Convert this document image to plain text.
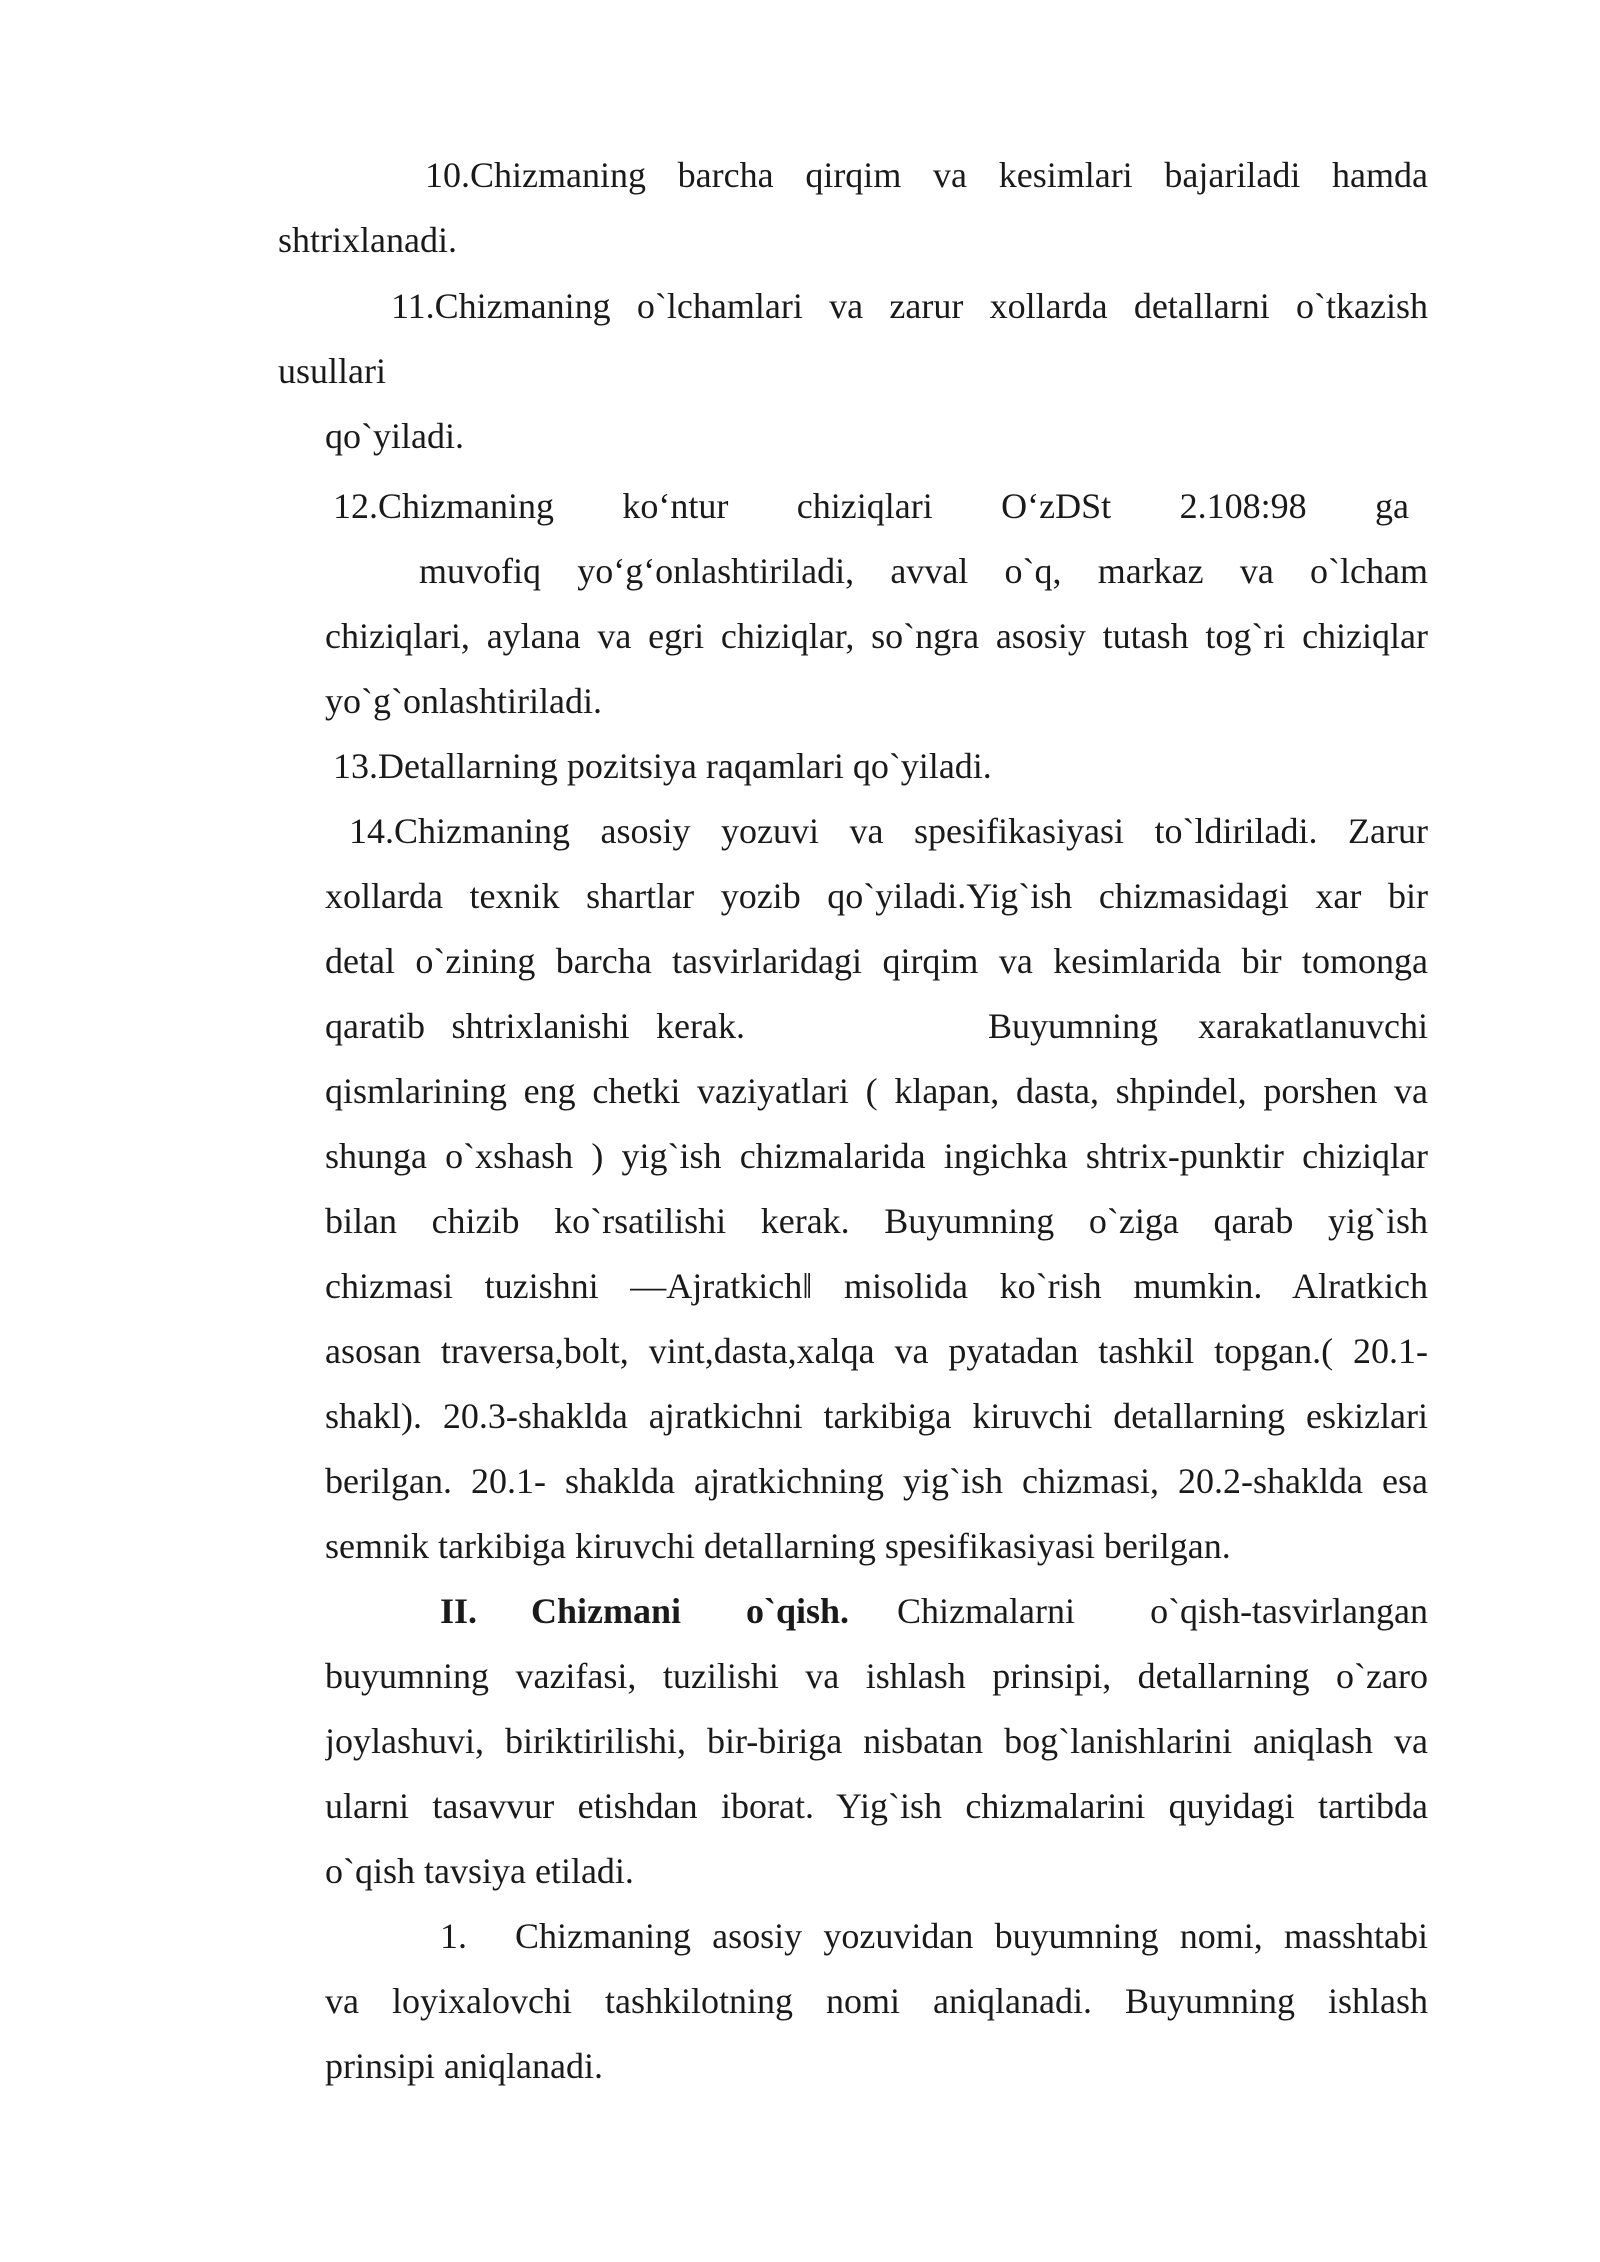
10.Chizmaning barcha qirqim va kesimlari bajariladi hamda
shtrixlanadi.
11.Chizmaning o`lchamlari va zarur xollarda detallarni o`tkazish
usullari
qo`yiladi.
12.Chizmaning ko‘ntur chiziqlari O‘zDSt 2.108:98 ga
muvofiq yo‘g‘onlashtiriladi, avval o`q, markaz va o`lcham
chiziqlari, aylana va egri chiziqlar, so`ngra asosiy tutash tog`ri chiziqlar
yo`g`onlashtiriladi.
13.Detallarning pozitsiya raqamlari qo`yiladi.
14.Chizmaning asosiy yozuvi va spesifikasiyasi to`ldiriladi. Zarur
xollarda texnik shartlar yozib qo`yiladi.Yig`ish chizmasidagi xar bir
detal o`zining barcha tasvirlaridagi qirqim va kesimlarida bir tomonga
qaratib shtrixlanishi kerak.	Buyumning xarakatlanuvchi
qismlarining eng chetki vaziyatlari ( klapan, dasta, shpindel, porshen va
shunga o`xshash ) yig`ish chizmalarida ingichka shtrix-punktir chiziqlar
bilan chizib ko`rsatilishi kerak. Buyumning o`ziga qarab yig`ish
chizmasi tuzishni ―Ajratkich‖ misolida ko`rish mumkin. Alratkich
asosan traversa,bolt, vint,dasta,xalqa va pyatadan tashkil topgan.( 20.1-
shakl). 20.3-shaklda ajratkichni tarkibiga kiruvchi detallarning eskizlari
berilgan. 20.1- shaklda ajratkichning yig`ish chizmasi, 20.2-shaklda esa
semnik tarkibiga kiruvchi detallarning spesifikasiyasi berilgan.
II. Chizmani o`qish. Chizmalarni o`qish-tasvirlangan
buyumning vazifasi, tuzilishi va ishlash prinsipi, detallarning o`zaro
joylashuvi, biriktirilishi, bir-biriga nisbatan bog`lanishlarini aniqlash va
ularni tasavvur etishdan iborat. Yig`ish chizmalarini quyidagi tartibda
o`qish tavsiya etiladi.
1. Chizmaning asosiy yozuvidan buyumning nomi, masshtabi
va loyixalovchi tashkilotning nomi aniqlanadi. Buyumning ishlash
prinsipi aniqlanadi.
